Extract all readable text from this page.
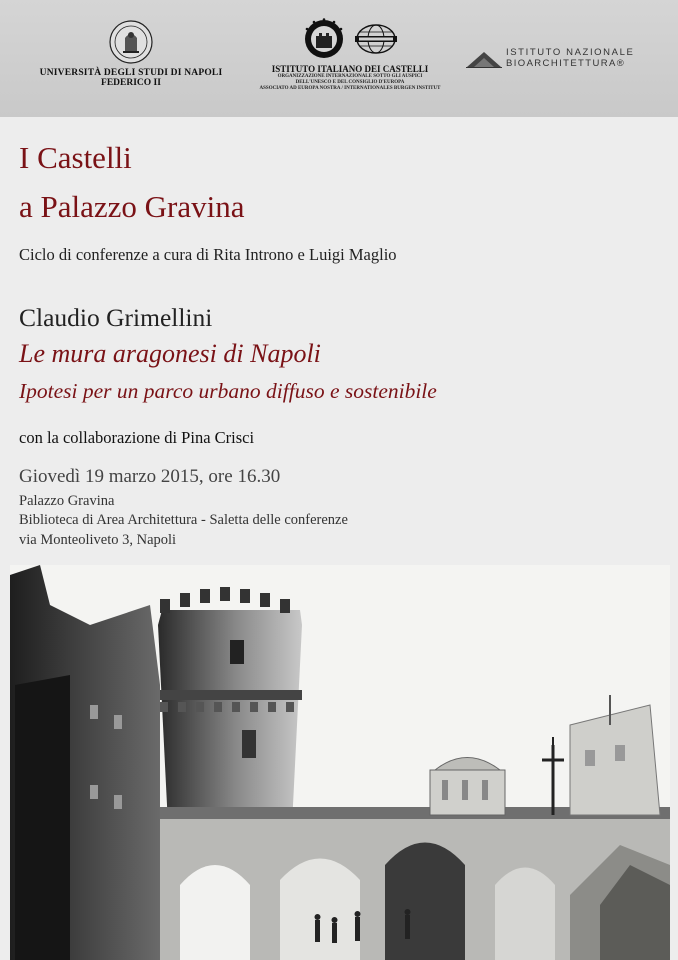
UNIVERSITÀ DEGLI STUDI DI NAPOLI
FEDERICO II
ISTITUTO ITALIANO DEI CASTELLI
ORGANIZZAZIONE INTERNAZIONALE SOTTO GLI AUSPICI
DELL'UNESCO E DEL CONSIGLIO D'EUROPA
ASSOCIATO AD EUROPA NOSTRA / INTERNATIONALES BURGEN INSTITUT
ISTITUTO NAZIONALE
BIOARCHITETTURA®
I Castelli
a Palazzo Gravina
Ciclo di conferenze a cura di Rita Introno e Luigi Maglio
Claudio Grimellini
Le mura aragonesi di Napoli
Ipotesi per un parco urbano diffuso e sostenibile
con la collaborazione di Pina Crisci
Giovedì 19 marzo 2015, ore 16.30
Palazzo Gravina
Biblioteca di Area Architettura - Saletta delle conferenze
via Monteoliveto 3, Napoli
